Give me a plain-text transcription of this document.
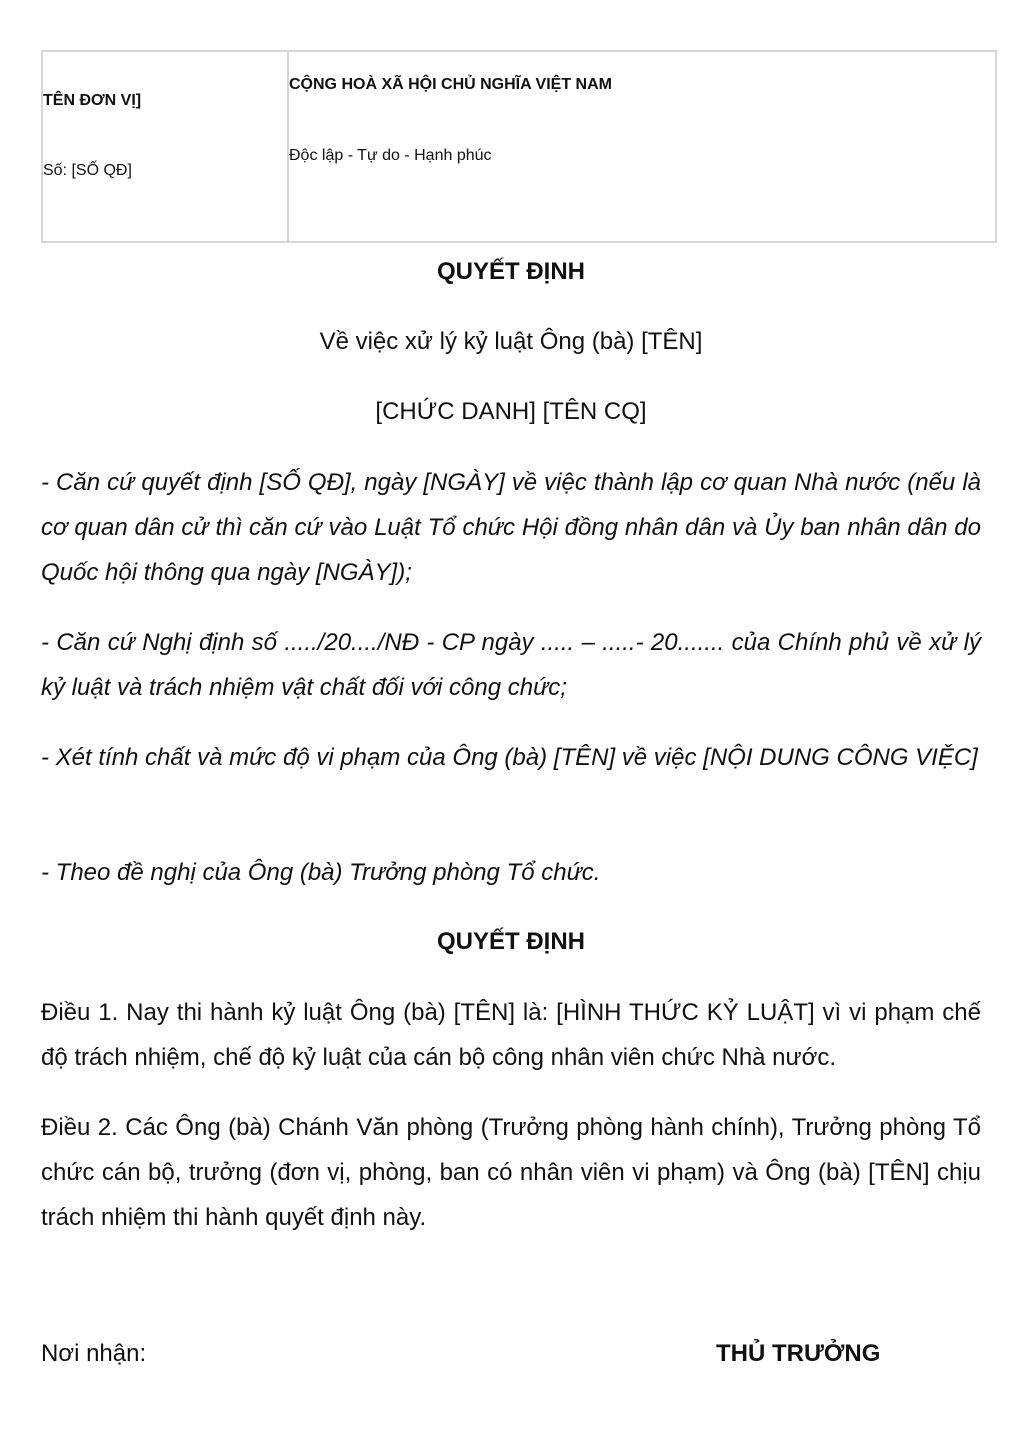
TÊN ĐƠN VỊ]
Số: [SỐ QĐ]
CỘNG HOÀ XÃ HỘI CHỦ NGHĨA VIỆT NAM
Độc lập - Tự do - Hạnh phúc
QUYẾT ĐỊNH
Về việc xử lý kỷ luật Ông (bà) [TÊN]
[CHỨC DANH] [TÊN CQ]

- Căn cứ quyết định [SỐ QĐ], ngày [NGÀY] về việc thành lập cơ quan Nhà nước (nếu là cơ quan dân cử thì căn cứ vào Luật Tổ chức Hội đồng nhân dân và Ủy ban nhân dân do Quốc hội thông qua ngày [NGÀY]);

- Căn cứ Nghị định số ...../20..../NĐ - CP ngày ..... – .....- 20....... của Chính phủ về xử lý kỷ luật và trách nhiệm vật chất đối với công chức;

- Xét tính chất và mức độ vi phạm của Ông (bà) [TÊN] về việc [NỘI DUNG CÔNG VIỆC]

- Theo đề nghị của Ông (bà) Trưởng phòng Tổ chức.

QUYẾT ĐỊNH

Điều 1. Nay thi hành kỷ luật Ông (bà) [TÊN] là: [HÌNH THỨC KỶ LUẬT] vì vi phạm chế độ trách nhiệm, chế độ kỷ luật của cán bộ công nhân viên chức Nhà nước.

Điều 2. Các Ông (bà) Chánh Văn phòng (Trưởng phòng hành chính), Trưởng phòng Tổ chức cán bộ, trưởng (đơn vị, phòng, ban có nhân viên vi phạm) và Ông (bà) [TÊN] chịu trách nhiệm thi hành quyết định này.

Nơi nhận:	THỦ TRƯỞNG
